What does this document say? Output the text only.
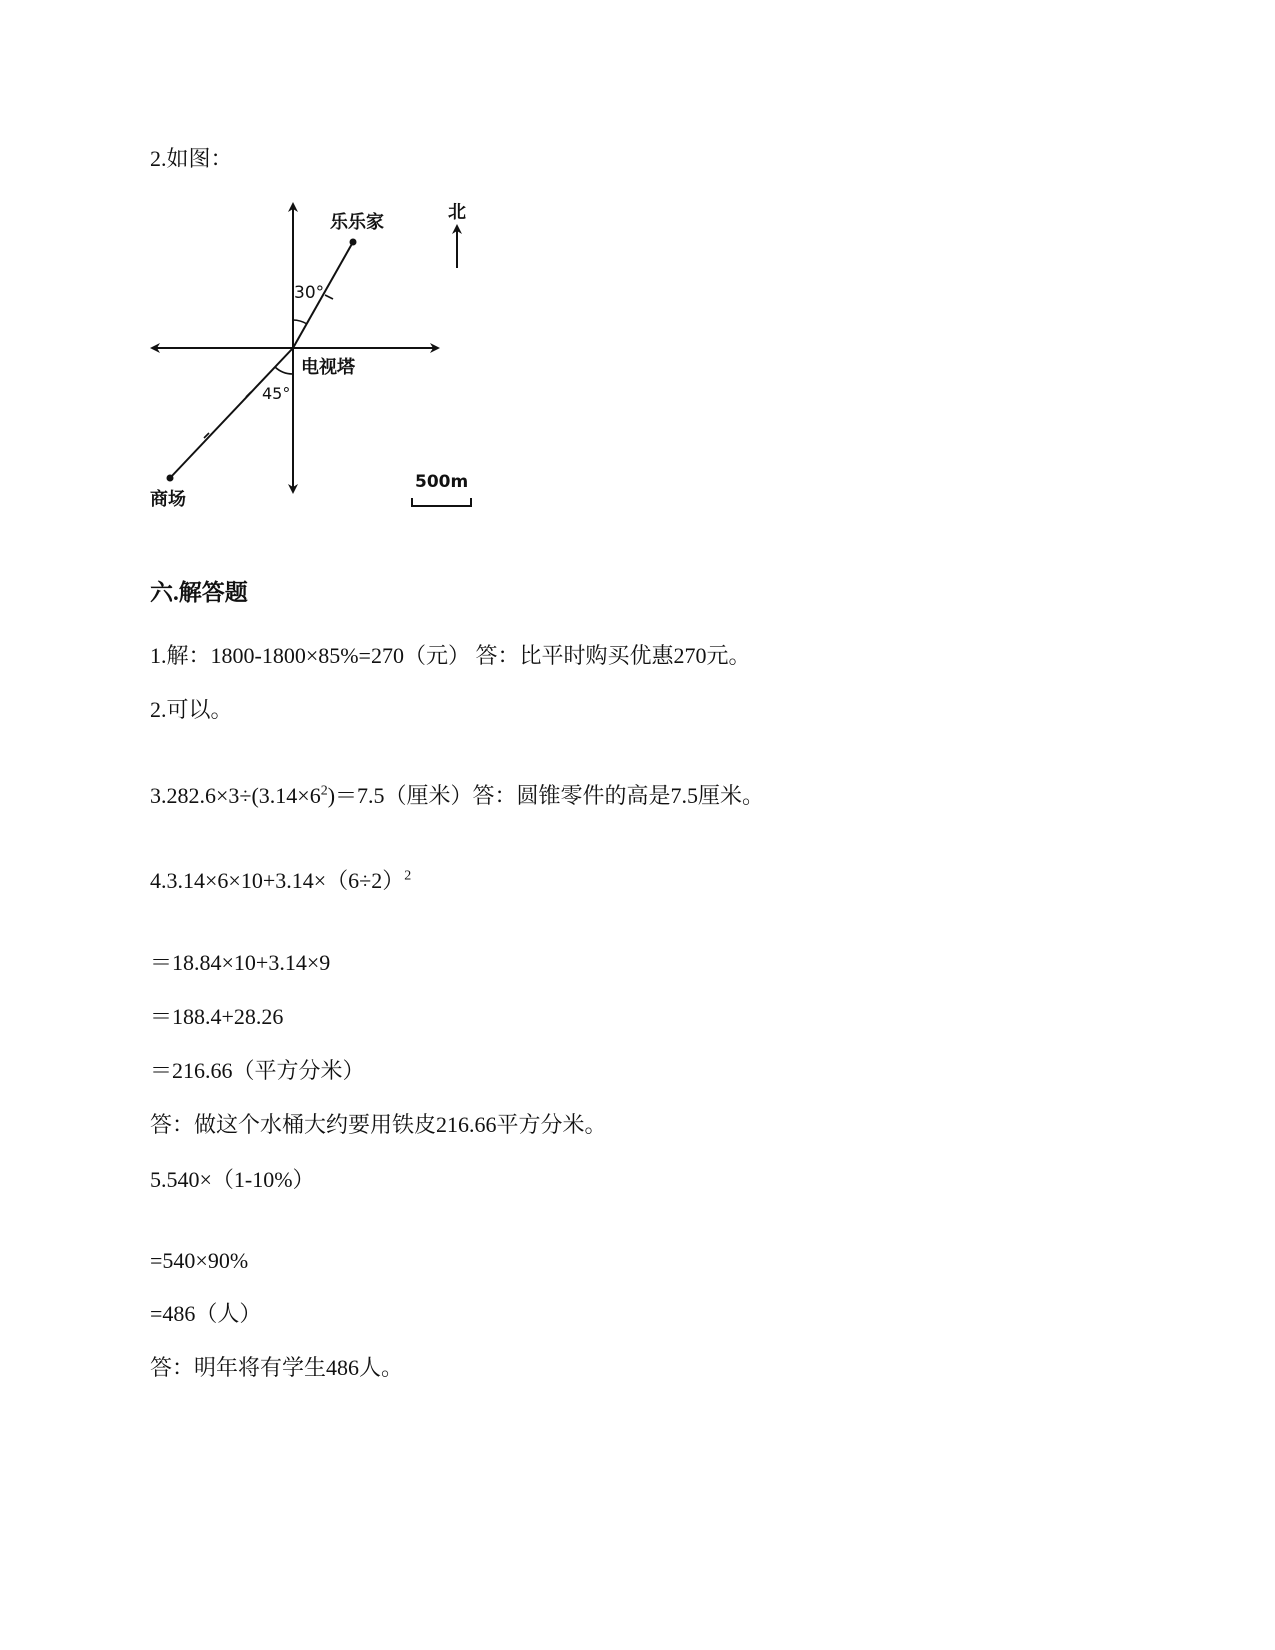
2.如图：
30°
45°
乐乐家
电视塔
商场
北
500m
六.解答题
1.解：1800-1800×85%=270（元） 答：比平时购买优惠270元。
2.可以。
$3.282.6\times 3\div(3.14\times 6^2)=7.5$（厘米）答：圆锥零件的高是7.5厘米。
$4.3.14\times 6\times 10+3.14\times(6\div 2)^2$
＝18.84×10+3.14×9
＝188.4+28.26
＝216.66（平方分米）
答：做这个水桶大约要用铁皮216.66平方分米。
5.540×（1-10%）
=540×90%
=486（人）
答：明年将有学生486人。
